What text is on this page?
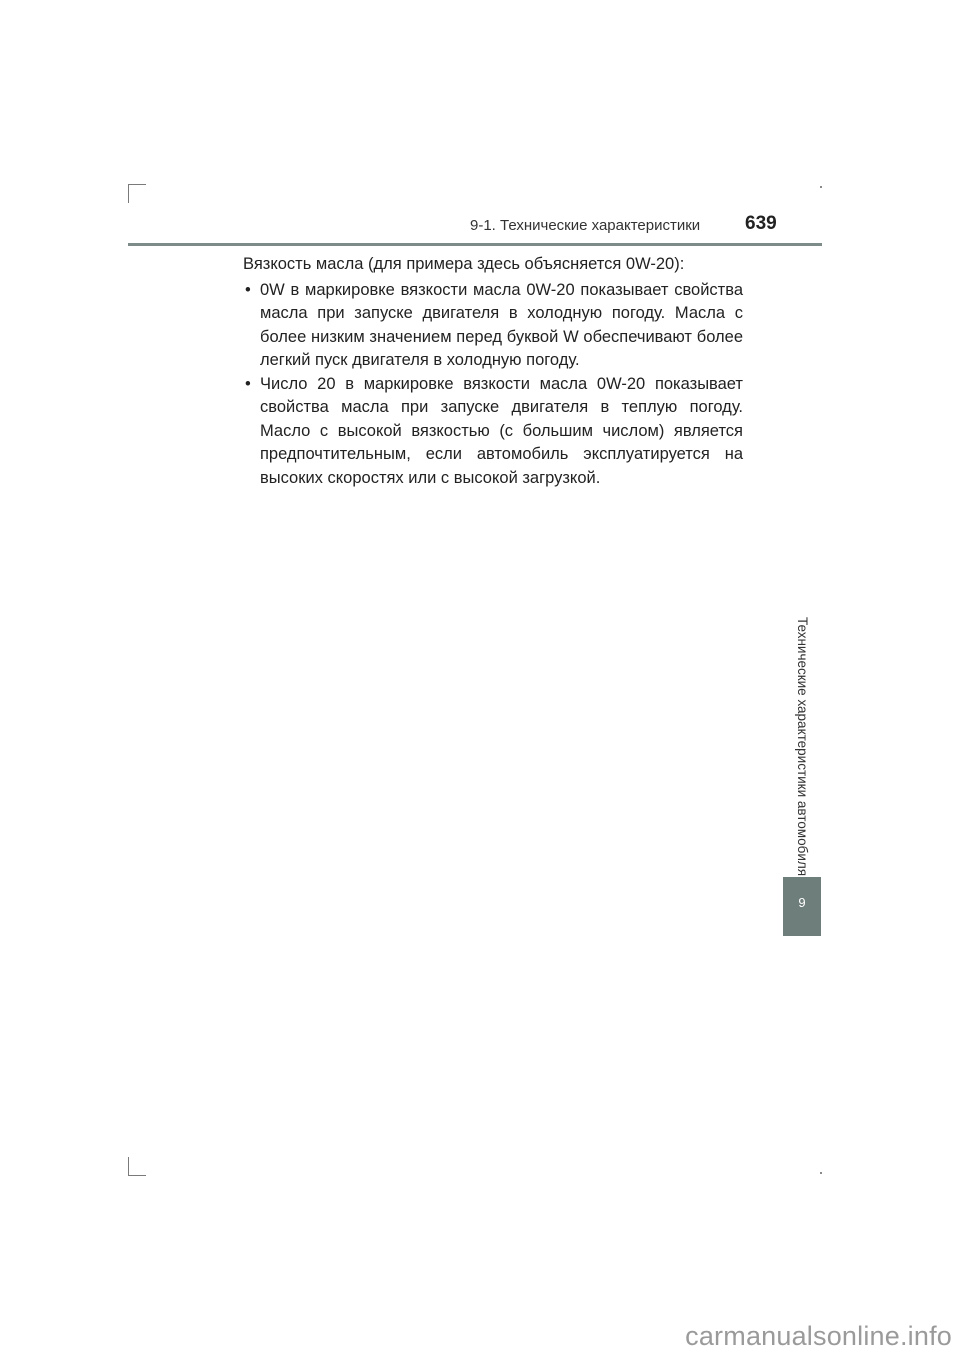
9-1. Технические характеристики 639

Вязкость масла (для примера здесь объясняется 0W-20):

• 0W в маркировке вязкости масла 0W-20 показывает свойства масла при запуске двигателя в холодную погоду. Масла с более низким значением перед буквой W обеспечивают более легкий пуск двигателя в холодную погоду.
• Число 20 в маркировке вязкости масла 0W-20 показывает свойства масла при запуске двигателя в теплую погоду. Масло с высокой вязкостью (с большим числом) является предпочтительным, если автомобиль эксплуатируется на высоких скоростях или с высокой загрузкой.
Технические характеристики автомобиля
9
carmanualsonline.info
